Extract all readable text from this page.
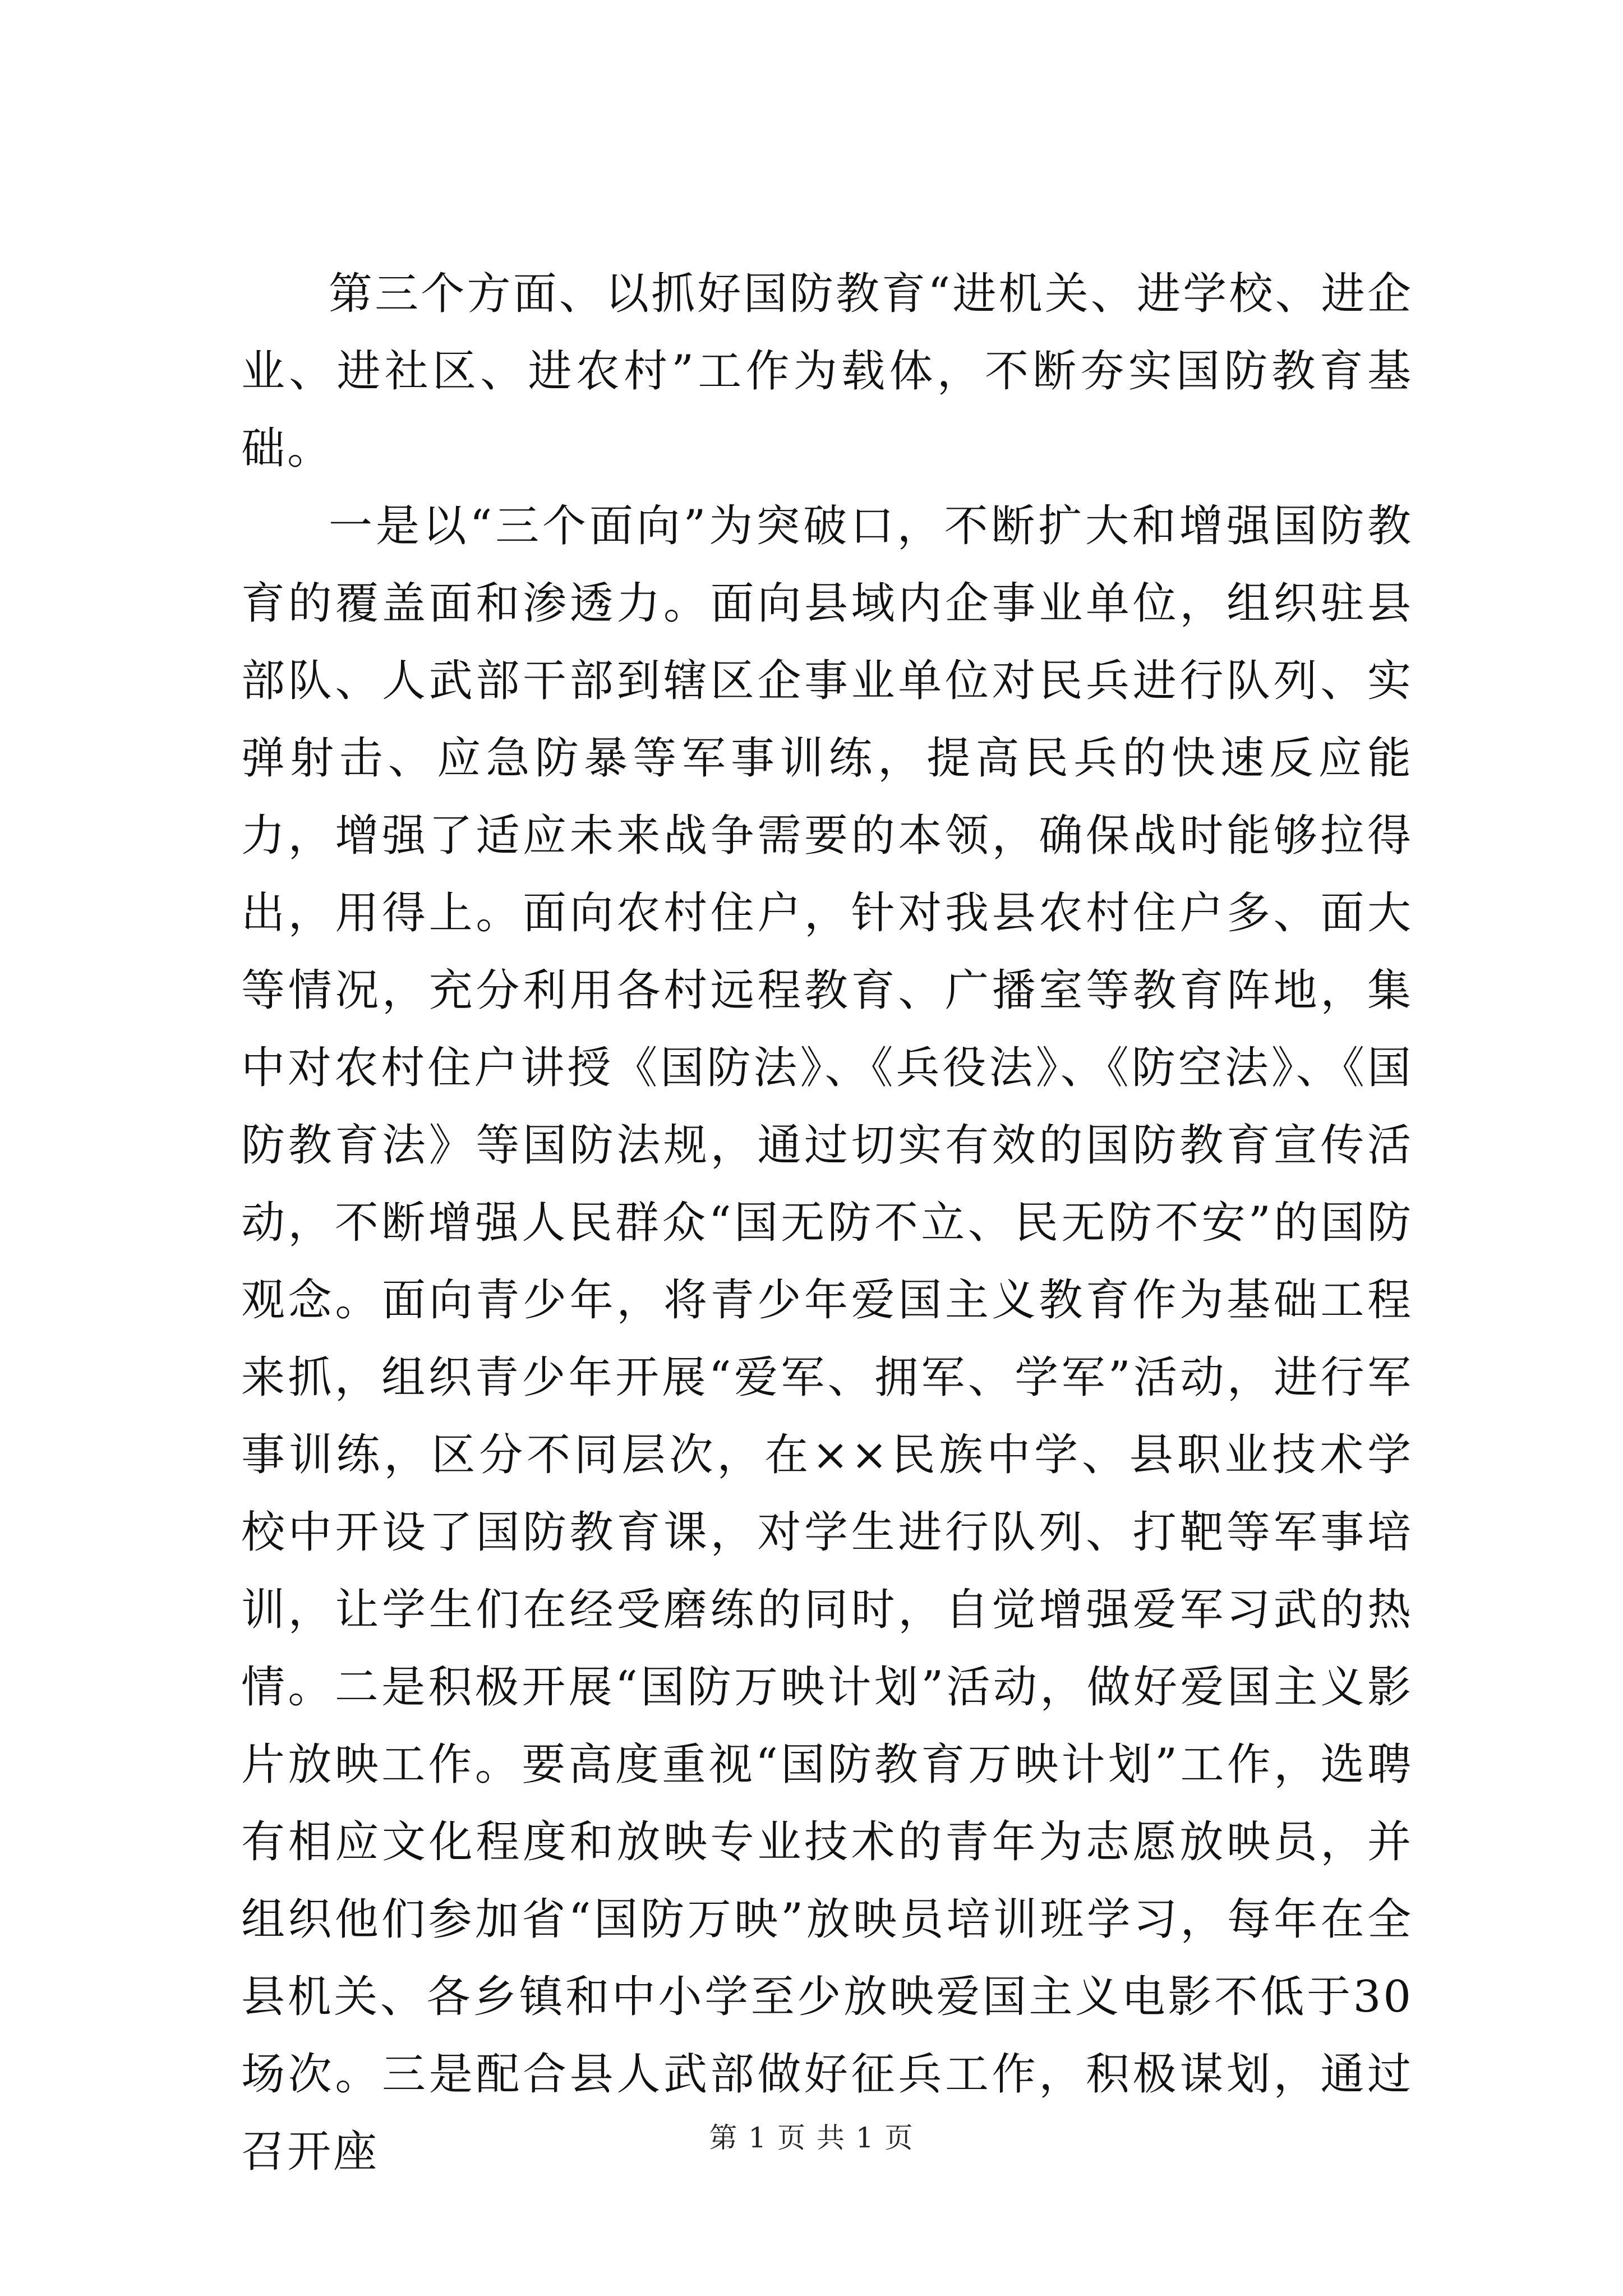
第三个方面、以抓好国防教育“进机关、进学校、进企业、进社区、进农村”工作为载体，不断夯实国防教育基础。

一是以“三个面向”为突破口，不断扩大和增强国防教育的覆盖面和渗透力。面向县域内企事业单位，组织驻县部队、人武部干部到辖区企事业单位对民兵进行队列、实弹射击、应急防暴等军事训练，提高民兵的快速反应能力，增强了适应未来战争需要的本领，确保战时能够拉得出，用得上。面向农村住户，针对我县农村住户多、面大等情况，充分利用各村远程教育、广播室等教育阵地，集中对农村住户讲授《国防法》、《兵役法》、《防空法》、《国防教育法》等国防法规，通过切实有效的国防教育宣传活动，不断增强人民群众“国无防不立、民无防不安”的国防观念。面向青少年，将青少年爱国主义教育作为基础工程来抓，组织青少年开展“爱军、拥军、学军”活动，进行军事训练，区分不同层次，在××民族中学、县职业技术学校中开设了国防教育课，对学生进行队列、打靶等军事培训，让学生们在经受磨练的同时，自觉增强爱军习武的热情。二是积极开展“国防万映计划”活动，做好爱国主义影片放映工作。要高度重视“国防教育万映计划”工作，选聘有相应文化程度和放映专业技术的青年为志愿放映员，并组织他们参加省“国防万映”放映员培训班学习，每年在全县机关、各乡镇和中小学至少放映爱国主义电影不低于30场次。三是配合县人武部做好征兵工作，积极谋划，通过召开座	第 1 页 共 1 页
